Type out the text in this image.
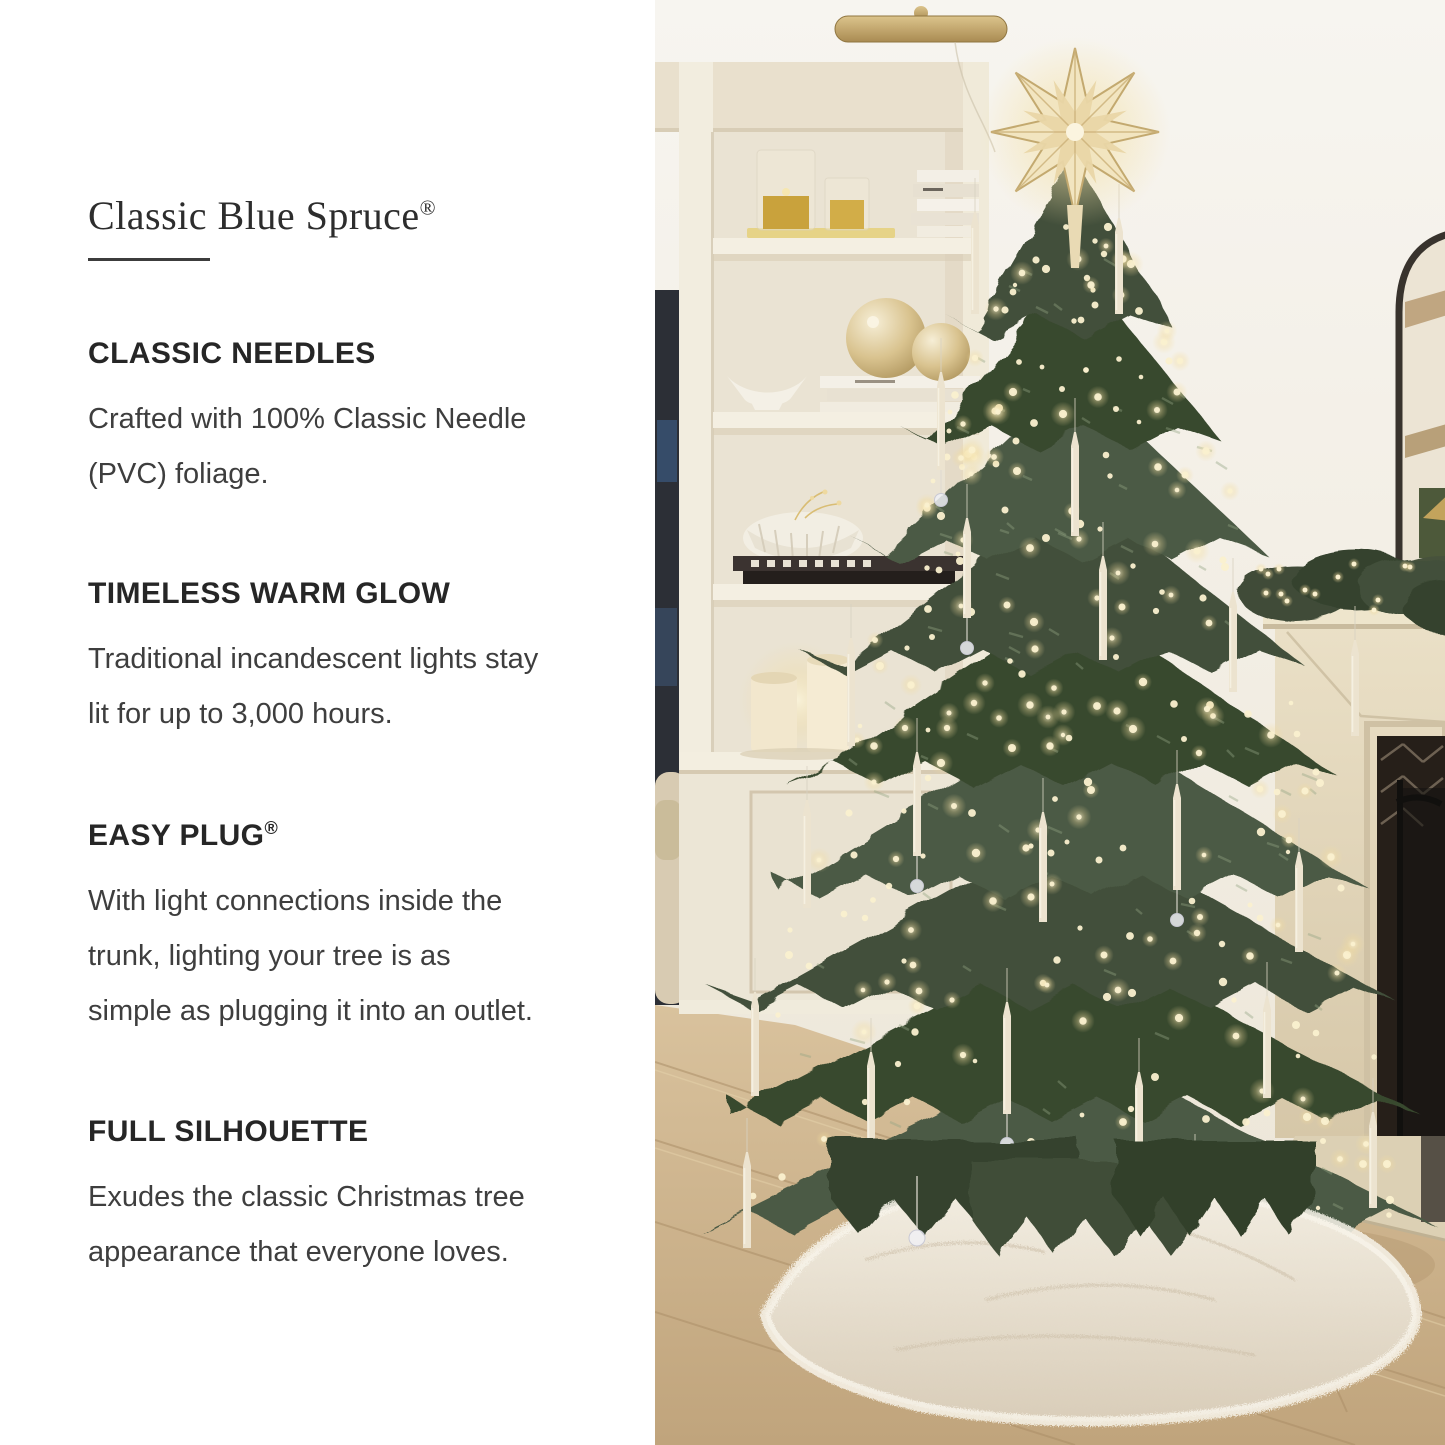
Classic Blue Spruce®
CLASSIC NEEDLES
Crafted with 100% Classic Needle
(PVC) foliage.
TIMELESS WARM GLOW
Traditional incandescent lights stay
lit for up to 3,000 hours.
EASY PLUG®
With light connections inside the
trunk, lighting your tree is as
simple as plugging it into an outlet.
FULL SILHOUETTE
Exudes the classic Christmas tree
appearance that everyone loves.
